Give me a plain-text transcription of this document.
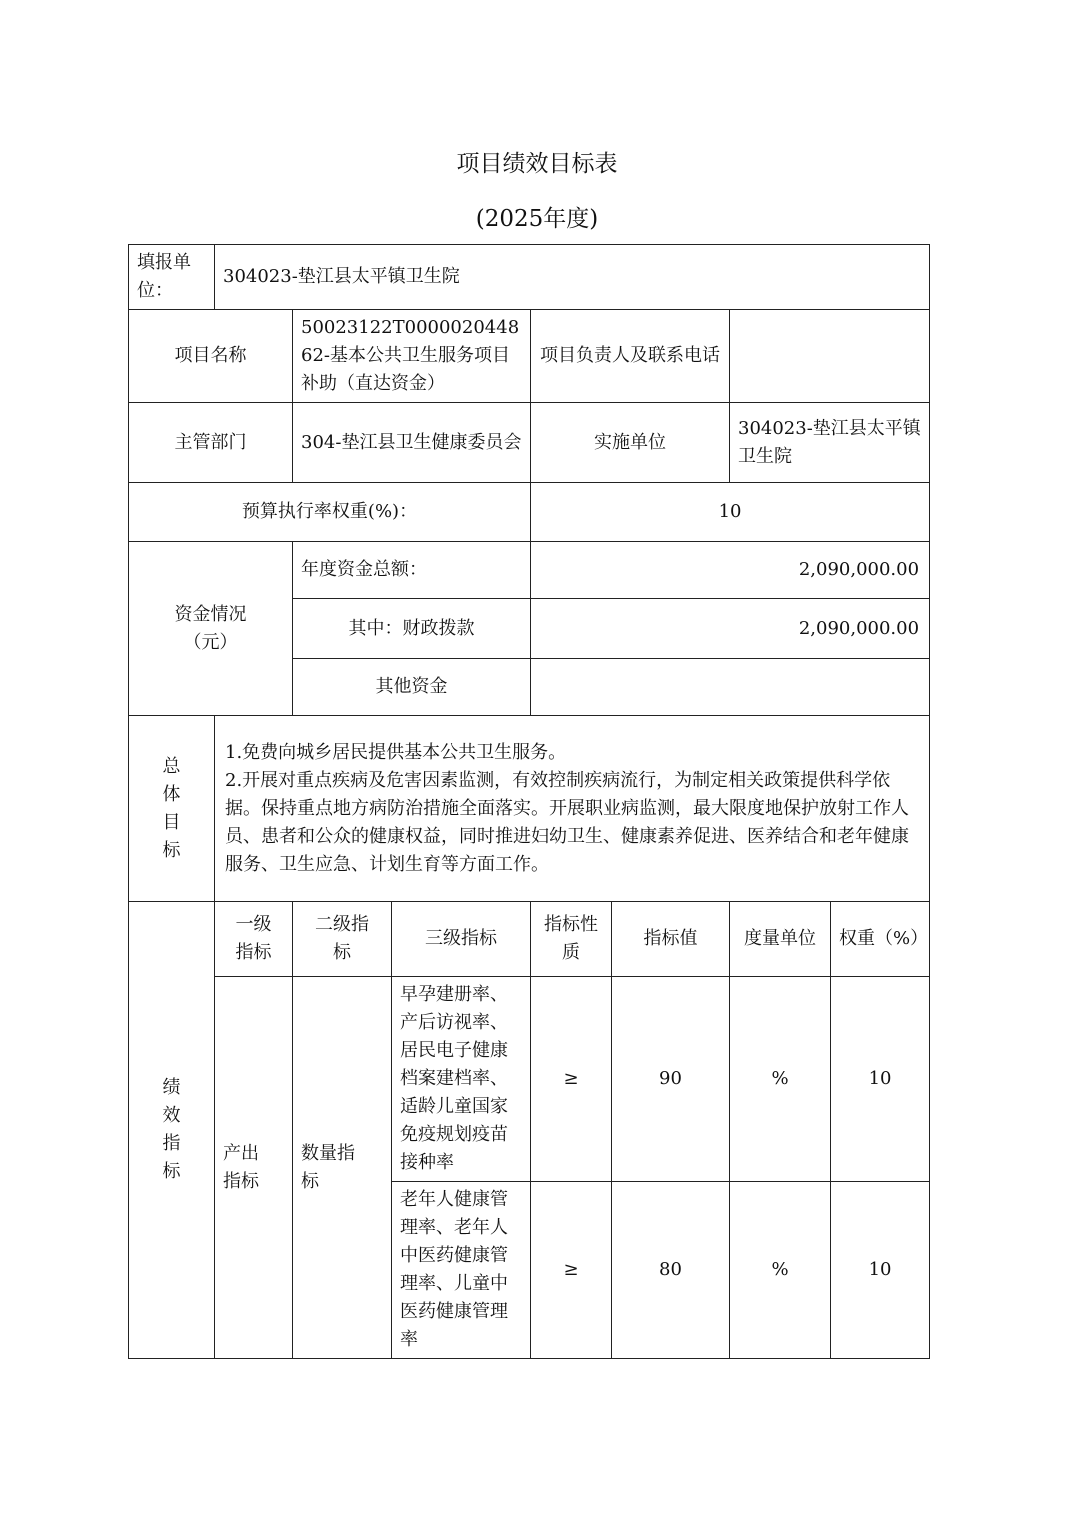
项目绩效目标表
(2025年度)
填报单位：	304023-垫江县太平镇卫生院						
项目名称		50023122T000002044862-基本公共卫生服务项目补助（直达资金）		项目负责人及联系电话			
主管部门		304-垫江县卫生健康委员会		实施单位		304023-垫江县太平镇卫生院	
预算执行率权重(%)：				10			
资金情况（元）		年度资金总额：		2,090,000.00			
		其中：财政拨款		2,090,000.00			
		其他资金					
总体目标	1.免费向城乡居民提供基本公共卫生服务。

2.开展对重点疾病及危害因素监测，有效控制疾病流行，为制定相关政策提供科学依据。保持重点地方病防治措施全面落实。开展职业病监测，最大限度地保护放射工作人员、患者和公众的健康权益，同时推进妇幼卫生、健康素养促进、医养结合和老年健康服务、卫生应急、计划生育等方面工作。						

绩效指标	一级指标	二级指标	三级指标	指标性质	指标值	度量单位	权重（%）
	产出指标	数量指标	早孕建册率、产后访视率、居民电子健康档案建档率、适龄儿童国家免疫规划疫苗接种率	≥	90	%	10
			老年人健康管理率、老年人中医药健康管理率、儿童中医药健康管理率	≥	80	%	10
